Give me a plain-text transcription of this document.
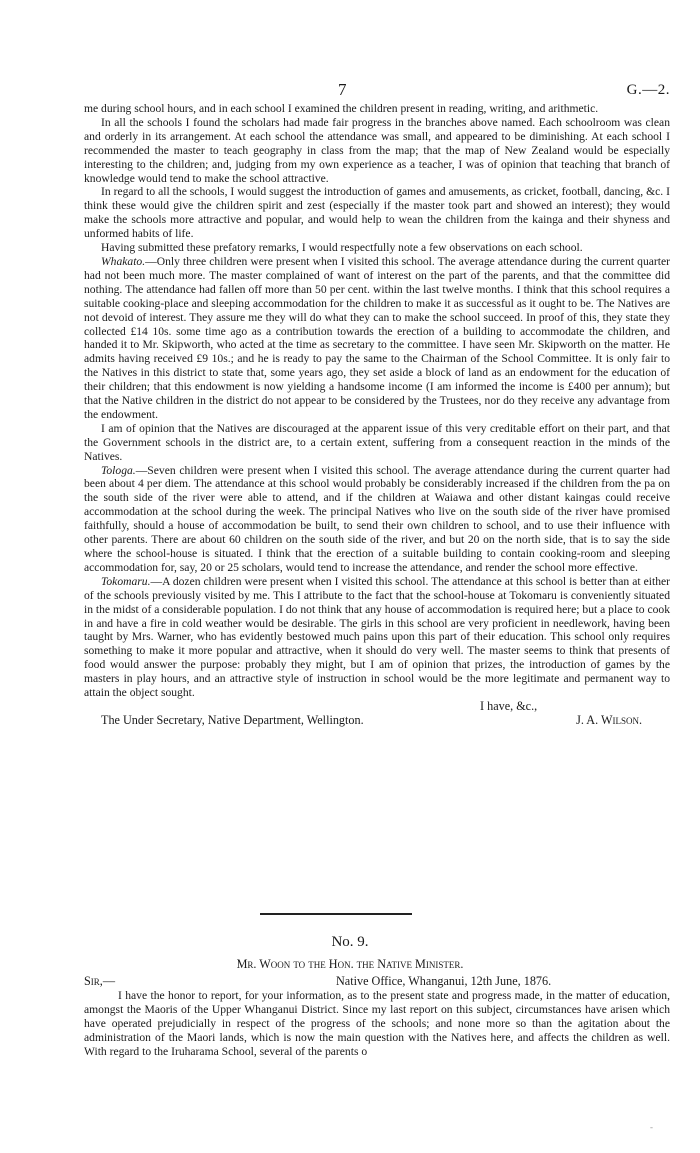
7	G.—2.

me during school hours, and in each school I examined the children present in reading, writing, and arithmetic.

In all the schools I found the scholars had made fair progress in the branches above named. Each schoolroom was clean and orderly in its arrangement. At each school the attendance was small, and appeared to be diminishing. At each school I recommended the master to teach geography in class from the map; that the map of New Zealand would be especially interesting to the children; and, judging from my own experience as a teacher, I was of opinion that teaching that branch of knowledge would tend to make the school attractive.

In regard to all the schools, I would suggest the introduction of games and amusements, as cricket, football, dancing, &c. I think these would give the children spirit and zest (especially if the master took part and showed an interest); they would make the schools more attractive and popular, and would help to wean the children from the kainga and their shyness and unformed habits of life.

Having submitted these prefatory remarks, I would respectfully note a few observations on each school.

Whakato.—Only three children were present when I visited this school. The average attendance during the current quarter had not been much more. The master complained of want of interest on the part of the parents, and that the committee did nothing. The attendance had fallen off more than 50 per cent. within the last twelve months. I think that this school requires a suitable cooking-place and sleeping accommodation for the children to make it as successful as it ought to be. The Natives are not devoid of interest. They assure me they will do what they can to make the school succeed. In proof of this, they state they collected £14 10s. some time ago as a contribution towards the erection of a building to accommodate the children, and handed it to Mr. Skipworth, who acted at the time as secretary to the committee. I have seen Mr. Skipworth on the matter. He admits having received £9 10s.; and he is ready to pay the same to the Chairman of the School Committee. It is only fair to the Natives in this district to state that, some years ago, they set aside a block of land as an endowment for the education of their children; that this endowment is now yielding a handsome income (I am informed the income is £400 per annum); but that the Native children in the district do not appear to be considered by the Trustees, nor do they receive any advantage from the endowment.

I am of opinion that the Natives are discouraged at the apparent issue of this very creditable effort on their part, and that the Government schools in the district are, to a certain extent, suffering from a consequent reaction in the minds of the Natives.

Tologa.—Seven children were present when I visited this school. The average attendance during the current quarter had been about 4 per diem. The attendance at this school would probably be considerably increased if the children from the pa on the south side of the river were able to attend, and if the children at Waiawa and other distant kaingas could receive accommodation at the school during the week. The principal Natives who live on the south side of the river have promised faithfully, should a house of accommodation be built, to send their own children to school, and to use their influence with other parents. There are about 60 children on the south side of the river, and but 20 on the north side, that is to say the side where the school-house is situated. I think that the erection of a suitable building to contain cooking-room and sleeping accommodation for, say, 20 or 25 scholars, would tend to increase the attendance, and render the school more effective.

Tokomaru.—A dozen children were present when I visited this school. The attendance at this school is better than at either of the schools previously visited by me. This I attribute to the fact that the school-house at Tokomaru is conveniently situated in the midst of a considerable population. I do not think that any house of accommodation is required here; but a place to cook in and have a fire in cold weather would be desirable. The girls in this school are very proficient in needlework, having been taught by Mrs. Warner, who has evidently bestowed much pains upon this part of their education. This school only requires something to make it more popular and attractive, when it should do very well. The master seems to think that presents of food would answer the purpose: probably they might, but I am of opinion that prizes, the introduction of games by the masters in play hours, and an attractive style of instruction in school would be the more legitimate and permanent way to attain the object sought.

I have, &c.,

The Under Secretary, Native Department, Wellington.	J. A. Wilson.
No. 9.
Mr. Woon to the Hon. the Native Minister.
Sir,—	Native Office, Whanganui, 12th June, 1876.

I have the honor to report, for your information, as to the present state and progress made, in the matter of education, amongst the Maoris of the Upper Whanganui District. Since my last report on this subject, circumstances have arisen which have operated prejudicially in respect of the progress of the schools; and none more so than the agitation about the administration of the Maori lands, which is now the main question with the Natives here, and affects the children as well. With regard to the Iruharama School, several of the parents o

-
